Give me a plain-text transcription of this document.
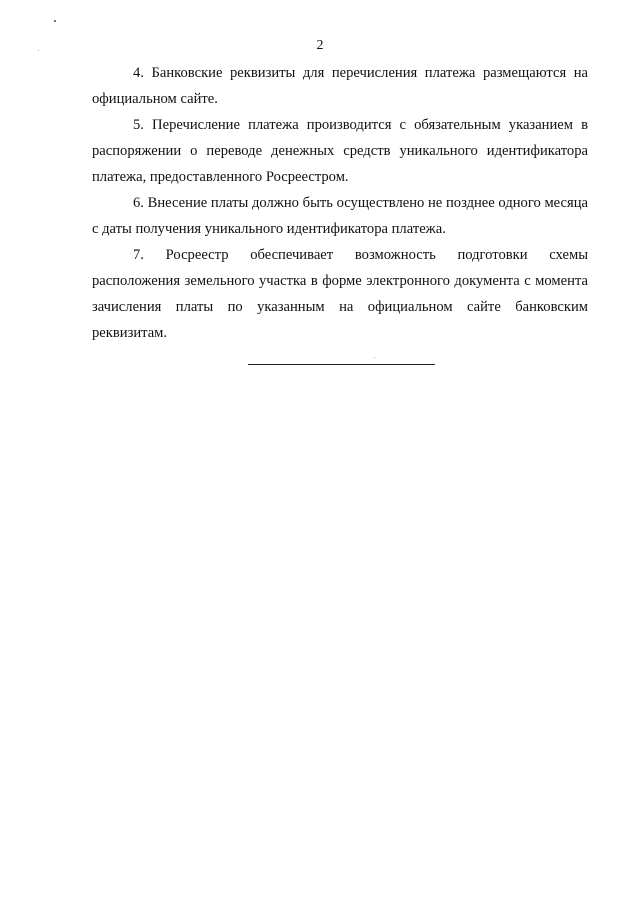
2

4. Банковские реквизиты для перечисления платежа размещаются на официальном сайте.

5. Перечисление платежа производится с обязательным указанием в распоряжении о переводе денежных средств уникального идентификатора платежа, предоставленного Росреестром.

6. Внесение платы должно быть осуществлено не позднее одного месяца с даты получения уникального идентификатора платежа.

7. Росреестр обеспечивает возможность подготовки схемы расположения земельного участка в форме электронного документа с момента зачисления платы по указанным на официальном сайте банковским реквизитам.
